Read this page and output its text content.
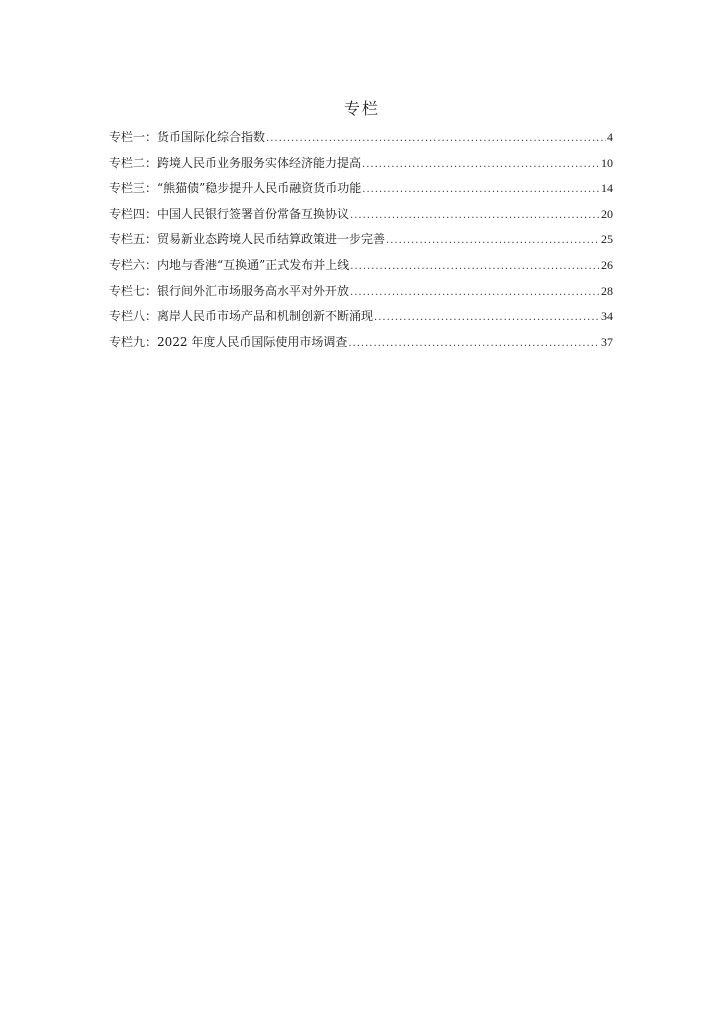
专栏
专栏一： 货币国际化综合指数 .....	4
专栏二： 跨境人民币业务服务实体经济能力提高 .....	10
专栏三： “熊猫债”稳步提升人民币融资货币功能 .....	14
专栏四： 中国人民银行签署首份常备互换协议 .....	20
专栏五： 贸易新业态跨境人民币结算政策进一步完善 .....	25
专栏六： 内地与香港“互换通”正式发布并上线 .....	26
专栏七： 银行间外汇市场服务高水平对外开放 .....	28
专栏八： 离岸人民币市场产品和机制创新不断涌现 .....	34
专栏九： 2022 年度人民币国际使用市场调查 .....	37
